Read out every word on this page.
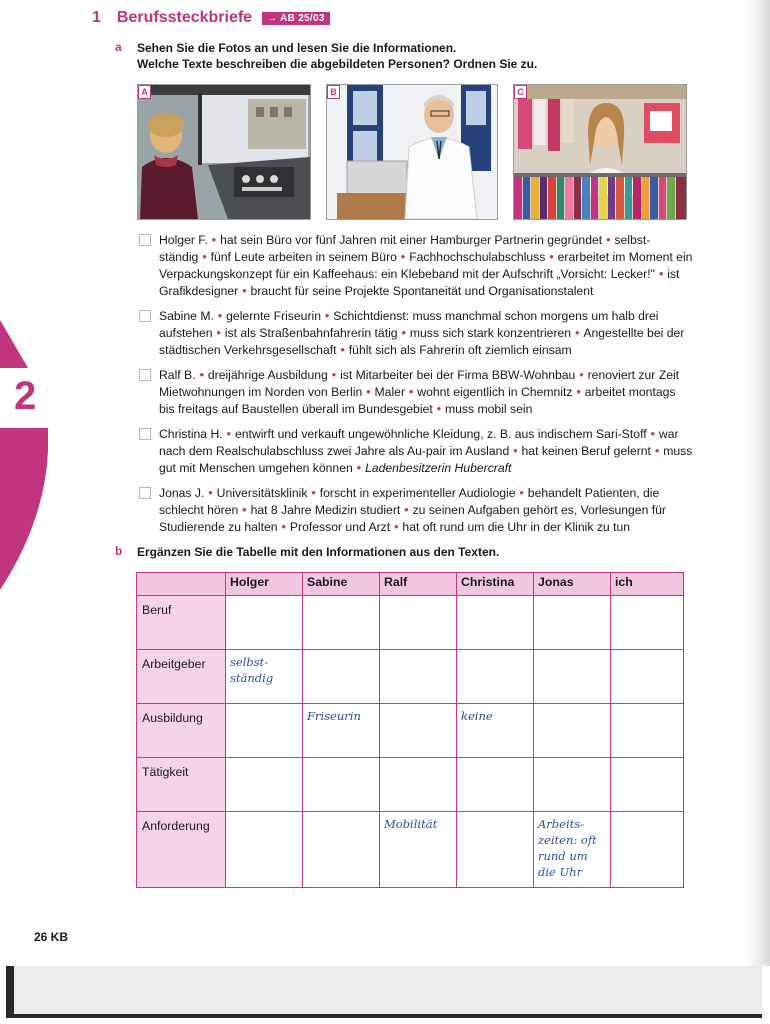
1 Berufssteckbriefe	→ AB 25/03
a Sehen Sie die Fotos an und lesen Sie die Informationen.
Welche Texte beschreiben die abgebildeten Personen? Ordnen Sie zu.
A	B	C
Holger F. • hat sein Büro vor fünf Jahren mit einer Hamburger Partnerin gegründet • selbst-ständig • fünf Leute arbeiten in seinem Büro • Fachhochschulabschluss • erarbeitet im Moment ein Verpackungskonzept für ein Kaffeehaus: ein Klebeband mit der Aufschrift „Vorsicht: Lecker!" • ist Grafikdesigner • braucht für seine Projekte Spontaneität und Organisationstalent
Sabine M. • gelernte Friseurin • Schichtdienst: muss manchmal schon morgens um halb drei aufstehen • ist als Straßenbahnfahrerin tätig • muss sich stark konzentrieren • Angestellte bei der städtischen Verkehrsgesellschaft • fühlt sich als Fahrerin oft ziemlich einsam
Ralf B. • dreijährige Ausbildung • ist Mitarbeiter bei der Firma BBW-Wohnbau • renoviert zur Zeit Mietwohnungen im Norden von Berlin • Maler • wohnt eigentlich in Chemnitz • arbeitet montags bis freitags auf Baustellen überall im Bundesgebiet • muss mobil sein
Christina H. • entwirft und verkauft ungewöhnliche Kleidung, z. B. aus indischem Sari-Stoff • war nach dem Realschulabschluss zwei Jahre als Au-pair im Ausland • hat keinen Beruf gelernt • muss gut mit Menschen umgehen können • Ladenbesitzerin Hubercraft
Jonas J. • Universitätsklinik • forscht in experimenteller Audiologie • behandelt Patienten, die schlecht hören • hat 8 Jahre Medizin studiert • zu seinen Aufgaben gehört es, Vorlesungen für Studierende zu halten • Professor und Arzt • hat oft rund um die Uhr in der Klinik zu tun
b Ergänzen Sie die Tabelle mit den Informationen aus den Texten.
2
	Holger	Sabine	Ralf	Christina	Jonas	ich
Beruf	

Arbeitgeber	selbst-ständig					

Ausbildung		Friseurin		keine		

Tätigkeit	

Anforderung			Mobilität		Arbeits-zeiten: oft rund um die Uhr	

26 KB
